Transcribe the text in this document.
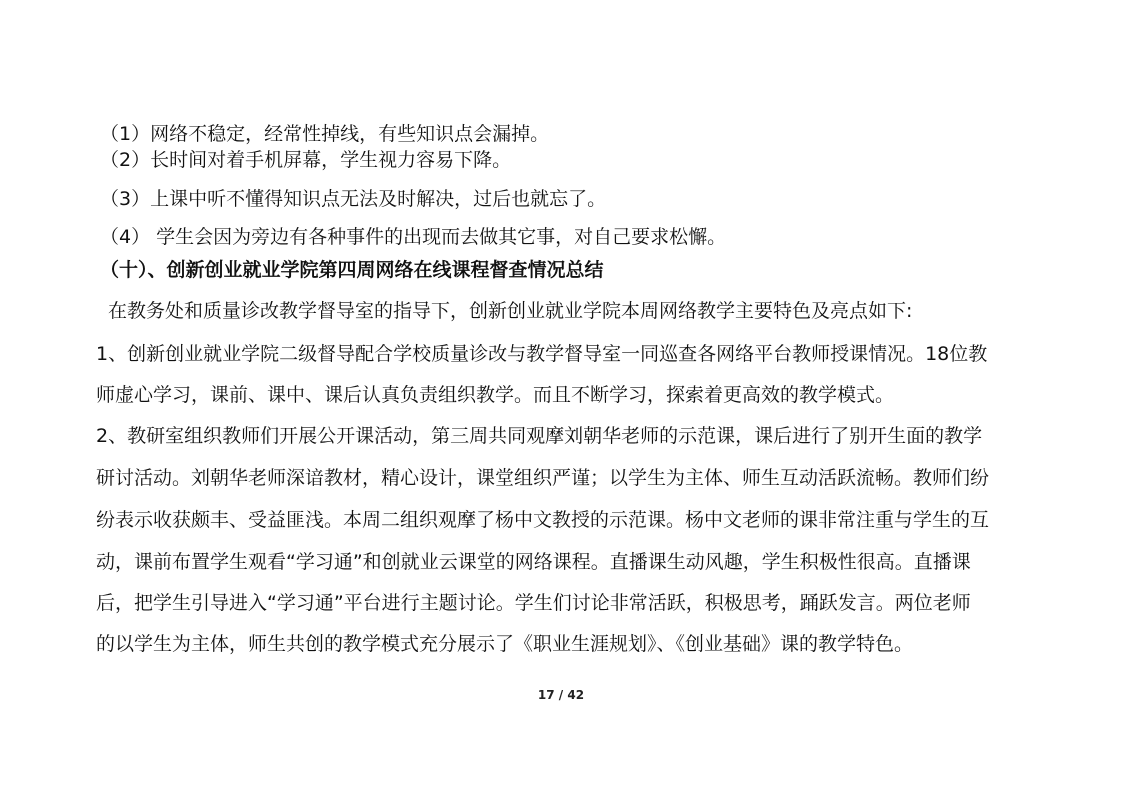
（1）网络不稳定，经常性掉线，有些知识点会漏掉。
（2）长时间对着手机屏幕，学生视力容易下降。
（3）上课中听不懂得知识点无法及时解决，过后也就忘了。
（4） 学生会因为旁边有各种事件的出现而去做其它事，对自己要求松懈。
（十）、创新创业就业学院第四周网络在线课程督查情况总结
在教务处和质量诊改教学督导室的指导下，创新创业就业学院本周网络教学主要特色及亮点如下:
1、创新创业就业学院二级督导配合学校质量诊改与教学督导室一同巡查各网络平台教师授课情况。18位教
师虚心学习，课前、课中、课后认真负责组织教学。而且不断学习，探索着更高效的教学模式。
2、教研室组织教师们开展公开课活动，第三周共同观摩刘朝华老师的示范课，课后进行了别开生面的教学
研讨活动。刘朝华老师深谙教材，精心设计，课堂组织严谨；以学生为主体、师生互动活跃流畅。教师们纷
纷表示收获颇丰、受益匪浅。本周二组织观摩了杨中文教授的示范课。杨中文老师的课非常注重与学生的互
动，课前布置学生观看“学习通”和创就业云课堂的网络课程。直播课生动风趣，学生积极性很高。直播课
后，把学生引导进入“学习通”平台进行主题讨论。学生们讨论非常活跃，积极思考，踊跃发言。两位老师
的以学生为主体，师生共创的教学模式充分展示了《职业生涯规划》、《创业基础》课的教学特色。
17 / 42
